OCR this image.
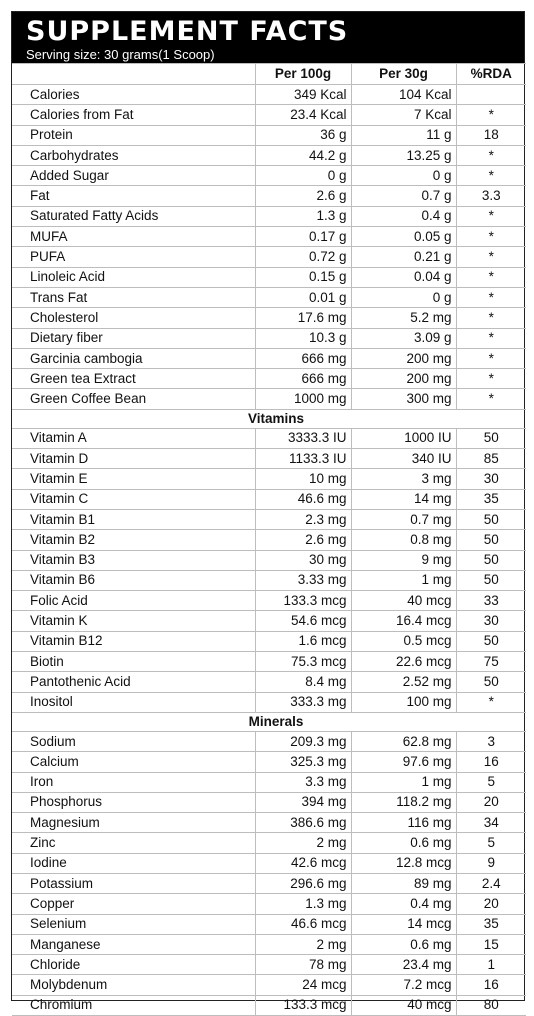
SUPPLEMENT FACTS
Serving size: 30 grams(1 Scoop)
	Per 100g	Per 30g	%RDA
Calories	349 Kcal	104 Kcal	
Calories from Fat	23.4 Kcal	7 Kcal	*
Protein	36 g	11 g	18
Carbohydrates	44.2 g	13.25 g	*
Added Sugar	0 g	0 g	*
Fat	2.6 g	0.7 g	3.3
Saturated Fatty Acids	1.3 g	0.4 g	*
MUFA	0.17 g	0.05 g	*
PUFA	0.72 g	0.21 g	*
Linoleic Acid	0.15 g	0.04 g	*
Trans Fat	0.01 g	0 g	*
Cholesterol	17.6 mg	5.2 mg	*
Dietary fiber	10.3 g	3.09 g	*
Garcinia cambogia	666 mg	200 mg	*
Green tea Extract	666 mg	200 mg	*
Green Coffee Bean	1000 mg	300 mg	*
Vitamins			
Vitamin A	3333.3 IU	1000 IU	50
Vitamin D	1133.3 IU	340 IU	85
Vitamin E	10 mg	3 mg	30
Vitamin C	46.6 mg	14 mg	35
Vitamin B1	2.3 mg	0.7 mg	50
Vitamin B2	2.6 mg	0.8 mg	50
Vitamin B3	30 mg	9 mg	50
Vitamin B6	3.33 mg	1 mg	50
Folic Acid	133.3 mcg	40 mcg	33
Vitamin K	54.6 mcg	16.4 mcg	30
Vitamin B12	1.6 mcg	0.5 mcg	50
Biotin	75.3 mcg	22.6 mcg	75
Pantothenic Acid	8.4 mg	2.52 mg	50
Inositol	333.3 mg	100 mg	*
Minerals			
Sodium	209.3 mg	62.8 mg	3
Calcium	325.3 mg	97.6 mg	16
Iron	3.3 mg	1 mg	5
Phosphorus	394 mg	118.2 mg	20
Magnesium	386.6 mg	116 mg	34
Zinc	2 mg	0.6 mg	5
Iodine	42.6 mcg	12.8 mcg	9
Potassium	296.6 mg	89 mg	2.4
Copper	1.3 mg	0.4 mg	20
Selenium	46.6 mcg	14 mcg	35
Manganese	2 mg	0.6 mg	15
Chloride	78 mg	23.4 mg	1
Molybdenum	24 mcg	7.2 mcg	16
Chromium	133.3 mcg	40 mcg	80
